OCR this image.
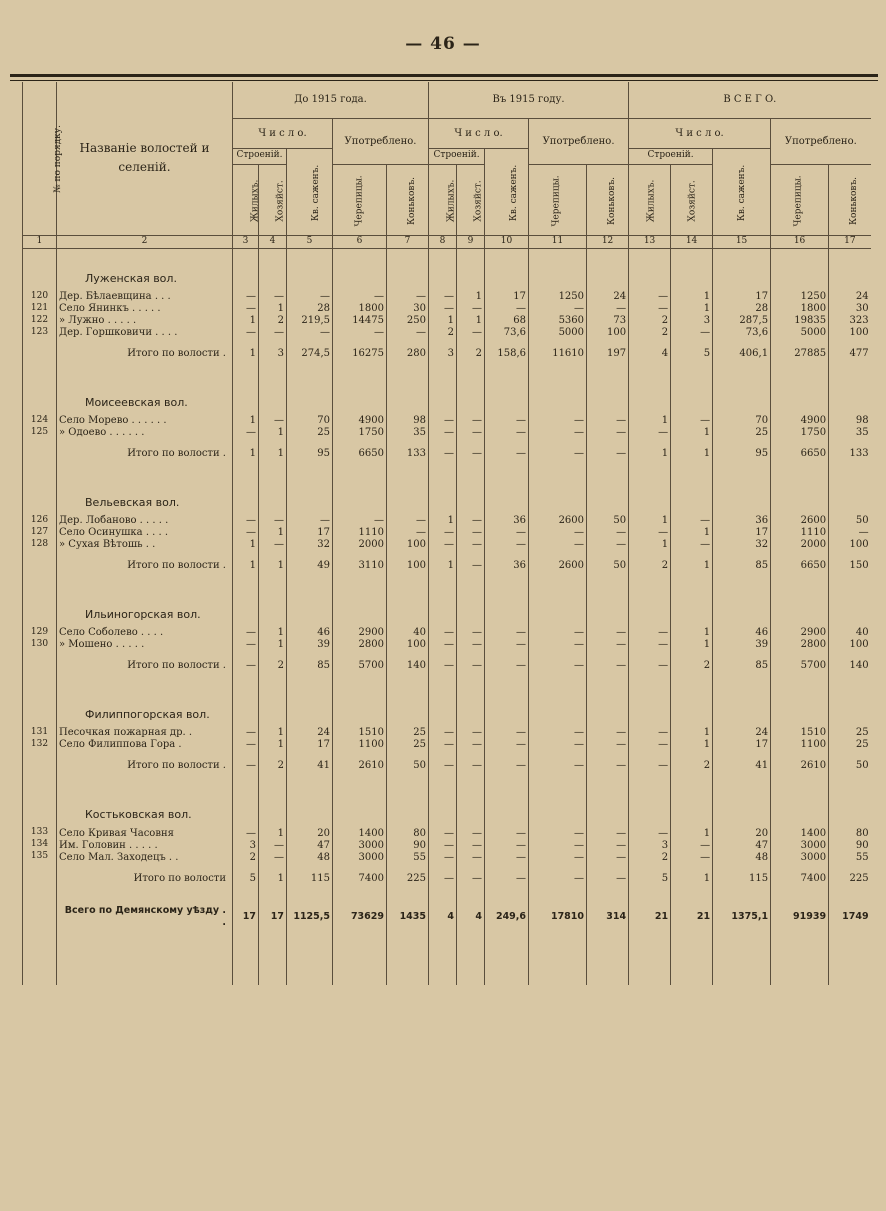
— 46 —
№ по порядку.	Названіе волостей и селеній.	До 1915 года.					Въ 1915 году.					В С Е Г О.				
		Ч и с л о.			Употреблено.		Ч и с л о.			Употреблено.		Ч и с л о.			Употреблено.	
		Строеній.		Кв. саженъ.			Строеній.		Кв. саженъ.			Строеній.		Кв. саженъ.		
		Жилыхъ.	Хозяйст.		Черепицы.	Коньковъ.	Жилыхъ.	Хозяйст.		Черепицы.	Коньковъ.	Жилыхъ.	Хозяйст.		Черепицы.	Коньковъ.
1	2	3	4	5	6	7	8	9	10	11	12	13	14	15	16	17
	Луженская вол.															
120	Дер. Бѣлаевщина . . .	—	—	—	—	—	—	1	17	1250	24	—	1	17	1250	24
121	Село Янинкъ . . . . .	—	1	28	1800	30	—	—	—	—	—	—	1	28	1800	30
122	» Лужно . . . . .	1	2	219,5	14475	250	1	1	68	5360	73	2	3	287,5	19835	323
123	Дер. Горшковичи . . . .	—	—	—	—	—	2	—	73,6	5000	100	2	—	73,6	5000	100
	Итого по волости .	1	3	274,5	16275	280	3	2	158,6	11610	197	4	5	406,1	27885	477
	Моисеевская вол.															
124	Село Морево . . . . . .	1	—	70	4900	98	—	—	—	—	—	1	—	70	4900	98
125	» Одоево . . . . . .	—	1	25	1750	35	—	—	—	—	—	—	1	25	1750	35
	Итого по волости .	1	1	95	6650	133	—	—	—	—	—	1	1	95	6650	133
	Вельевская вол.															
126	Дер. Лобаново . . . . .	—	—	—	—	—	1	—	36	2600	50	1	—	36	2600	50
127	Село Осинушка . . . .	—	1	17	1110	—	—	—	—	—	—	—	1	17	1110	—
128	» Сухая Вѣтошь . .	1	—	32	2000	100	—	—	—	—	—	1	—	32	2000	100
	Итого по волости .	1	1	49	3110	100	1	—	36	2600	50	2	1	85	6650	150
	Ильиногорская вол.															
129	Село Соболево . . . .	—	1	46	2900	40	—	—	—	—	—	—	1	46	2900	40
130	» Мошено . . . . .	—	1	39	2800	100	—	—	—	—	—	—	1	39	2800	100
	Итого по волости .	—	2	85	5700	140	—	—	—	—	—	—	2	85	5700	140
	Филиппогорская вол.															
131	Песочкая пожарная др. .	—	1	24	1510	25	—	—	—	—	—	—	1	24	1510	25
132	Село Филиппова Гора .	—	1	17	1100	25	—	—	—	—	—	—	1	17	1100	25
	Итого по волости .	—	2	41	2610	50	—	—	—	—	—	—	2	41	2610	50
	Костьковская вол.															
133	Село Кривая Часовня	—	1	20	1400	80	—	—	—	—	—	—	1	20	1400	80
134	Им. Головин . . . . .	3	—	47	3000	90	—	—	—	—	—	3	—	47	3000	90
135	Село Мал. Заходецъ . .	2	—	48	3000	55	—	—	—	—	—	2	—	48	3000	55
	Итого по волости	5	1	115	7400	225	—	—	—	—	—	5	1	115	7400	225
	Всего по Демянскому уѣзду . .	17	17	1125,5	73629	1435	4	4	249,6	17810	314	21	21	1375,1	91939	1749
